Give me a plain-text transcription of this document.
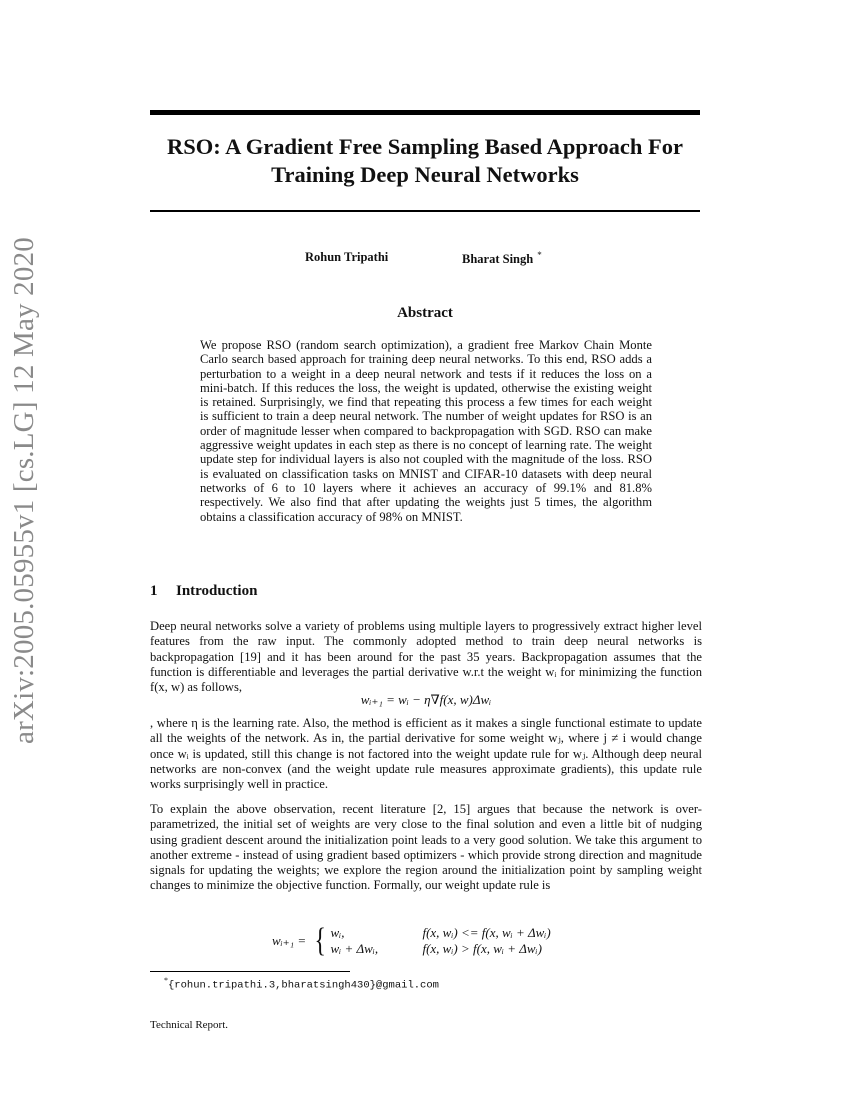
arXiv:2005.05955v1 [cs.LG] 12 May 2020
RSO: A Gradient Free Sampling Based Approach For
Training Deep Neural Networks
Rohun Tripathi	Bharat Singh *
Abstract
We propose RSO (random search optimization), a gradient free Markov Chain Monte Carlo search based approach for training deep neural networks. To this end, RSO adds a perturbation to a weight in a deep neural network and tests if it reduces the loss on a mini-batch. If this reduces the loss, the weight is updated, otherwise the existing weight is retained. Surprisingly, we find that repeating this process a few times for each weight is sufficient to train a deep neural network. The number of weight updates for RSO is an order of magnitude lesser when compared to backpropagation with SGD. RSO can make aggressive weight updates in each step as there is no concept of learning rate. The weight update step for individual layers is also not coupled with the magnitude of the loss. RSO is evaluated on classification tasks on MNIST and CIFAR-10 datasets with deep neural networks of 6 to 10 layers where it achieves an accuracy of 99.1% and 81.8% respectively. We also find that after updating the weights just 5 times, the algorithm obtains a classification accuracy of 98% on MNIST.
1 Introduction
Deep neural networks solve a variety of problems using multiple layers to progressively extract higher level features from the raw input. The commonly adopted method to train deep neural networks is backpropagation [19] and it has been around for the past 35 years. Backpropagation assumes that the function is differentiable and leverages the partial derivative w.r.t the weight wᵢ for minimizing the function f(x, w) as follows,
wᵢ₊₁ = wᵢ − η∇f(x, w)Δwᵢ
, where η is the learning rate. Also, the method is efficient as it makes a single functional estimate to update all the weights of the network. As in, the partial derivative for some weight wⱼ, where j ≠ i would change once wᵢ is updated, still this change is not factored into the weight update rule for wⱼ. Although deep neural networks are non-convex (and the weight update rule measures approximate gradients), this update rule works surprisingly well in practice.
To explain the above observation, recent literature [2, 15] argues that because the network is over-parametrized, the initial set of weights are very close to the final solution and even a little bit of nudging using gradient descent around the initialization point leads to a very good solution. We take this argument to another extreme - instead of using gradient based optimizers - which provide strong direction and magnitude signals for updating the weights; we explore the region around the initialization point by sampling weight changes to minimize the objective function. Formally, our weight update rule is
wᵢ₊₁ = { wᵢ,	f(x, wᵢ) <= f(x, wᵢ + Δwᵢ)
wᵢ + Δwᵢ,	f(x, wᵢ) > f(x, wᵢ + Δwᵢ)
*{rohun.tripathi.3,bharatsingh430}@gmail.com
Technical Report.
